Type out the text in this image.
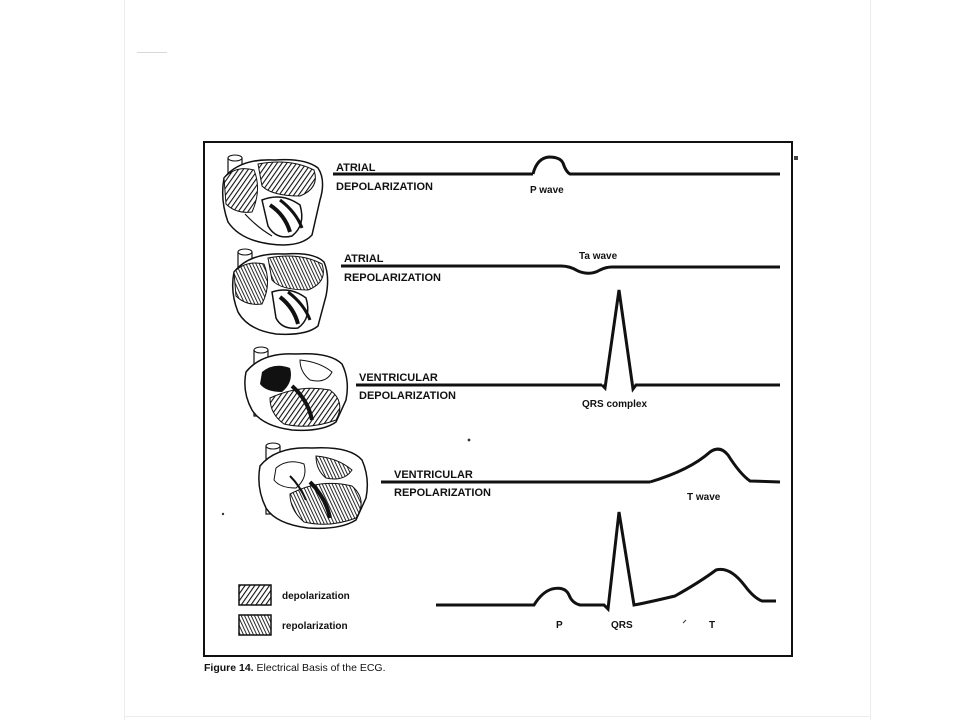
ATRIAL
DEPOLARIZATION	P wave
ATRIAL
REPOLARIZATION
Ta wave
VENTRICULAR
DEPOLARIZATION
QRS complex
VENTRICULAR
REPOLARIZATION	T wave
P	QRS	T
depolarization
repolarization
Figure 14. Electrical Basis of the ECG.
